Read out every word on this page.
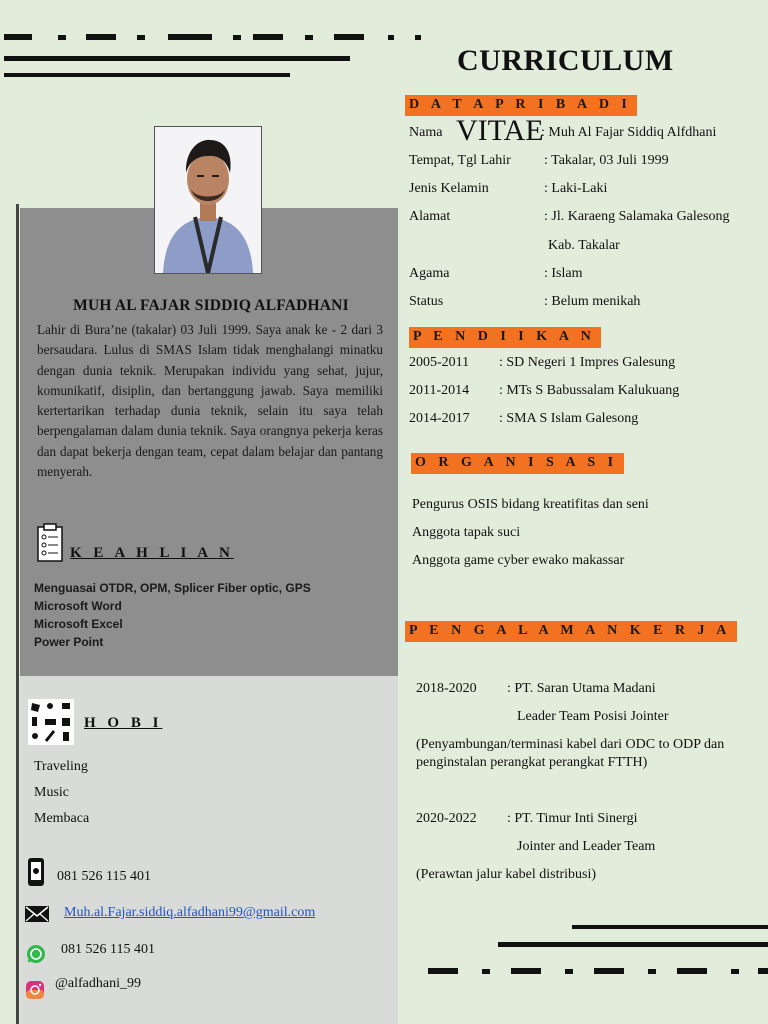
MUH AL FAJAR SIDDIQ ALFADHANI
Lahir di Bura’ne (takalar) 03 Juli 1999. Saya anak ke - 2 dari 3 bersaudara. Lulus di SMAS Islam tidak menghalangi minatku dengan dunia teknik. Merupakan individu yang sehat, jujur, komunikatif, disiplin, dan bertanggung jawab. Saya memiliki kertertarikan terhadap dunia teknik, selain itu saya telah berpengalaman dalam dunia teknik. Saya orangnya pekerja keras dan dapat bekerja dengan team, cepat dalam belajar dan pantang menyerah.
K E A H L I A N
Menguasai OTDR, OPM, Splicer Fiber optic, GPS
Microsoft Word
Microsoft Excel
Power Point
H O B I
Traveling
Music
Membaca
081 526 115 401
Muh.al.Fajar.siddiq.alfadhani99@gmail.com
081 526 115 401
@alfadhani_99
CURRICULUM
D A T A P R I B A D I
Nama	: Muh Al Fajar Siddiq Alfdhani
VITAE
Tempat, Tgl Lahir : Takalar, 03 Juli 1999
Jenis Kelamin	: Laki-Laki
Alamat	: Jl. Karaeng Salamaka Galesong
Kab. Takalar
Agama	: Islam
Status	: Belum menikah
P E N D I I K A N
2005-2011 : SD Negeri 1 Impres Galesung
2011-2014 : MTs S Babussalam Kalukuang
2014-2017 : SMA S Islam Galesong
O R G A N I S A S I
Pengurus OSIS bidang kreatifitas dan seni
Anggota tapak suci
Anggota game cyber ewako makassar
P E N G A L A M A N K E R J A
2018-2020 : PT. Saran Utama Madani
Leader Team Posisi Jointer
(Penyambungan/terminasi kabel dari ODC to ODP dan penginstalan perangkat perangkat FTTH)
2020-2022 : PT. Timur Inti Sinergi
Jointer and Leader Team
(Perawtan jalur kabel distribusi)
